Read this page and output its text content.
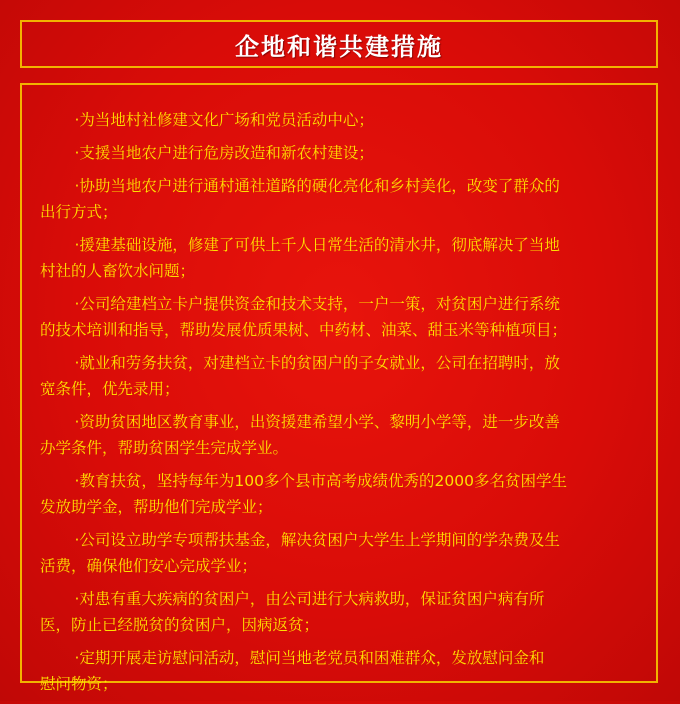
企地和谐共建措施
·为当地村社修建文化广场和党员活动中心；
·支援当地农户进行危房改造和新农村建设；
·协助当地农户进行通村通社道路的硬化亮化和乡村美化，改变了群众的
出行方式；
·援建基础设施，修建了可供上千人日常生活的清水井，彻底解决了当地
村社的人畜饮水问题；
·公司给建档立卡户提供资金和技术支持，一户一策，对贫困户进行系统
的技术培训和指导，帮助发展优质果树、中药材、油菜、甜玉米等种植项目；
·就业和劳务扶贫，对建档立卡的贫困户的子女就业，公司在招聘时，放
宽条件，优先录用；
·资助贫困地区教育事业，出资援建希望小学、黎明小学等，进一步改善
办学条件，帮助贫困学生完成学业。
·教育扶贫，坚持每年为100多个县市高考成绩优秀的2000多名贫困学生
发放助学金，帮助他们完成学业；
·公司设立助学专项帮扶基金，解决贫困户大学生上学期间的学杂费及生
活费，确保他们安心完成学业；
·对患有重大疾病的贫困户，由公司进行大病救助，保证贫困户病有所
医，防止已经脱贫的贫困户，因病返贫；
·定期开展走访慰问活动，慰问当地老党员和困难群众，发放慰问金和
慰问物资；
